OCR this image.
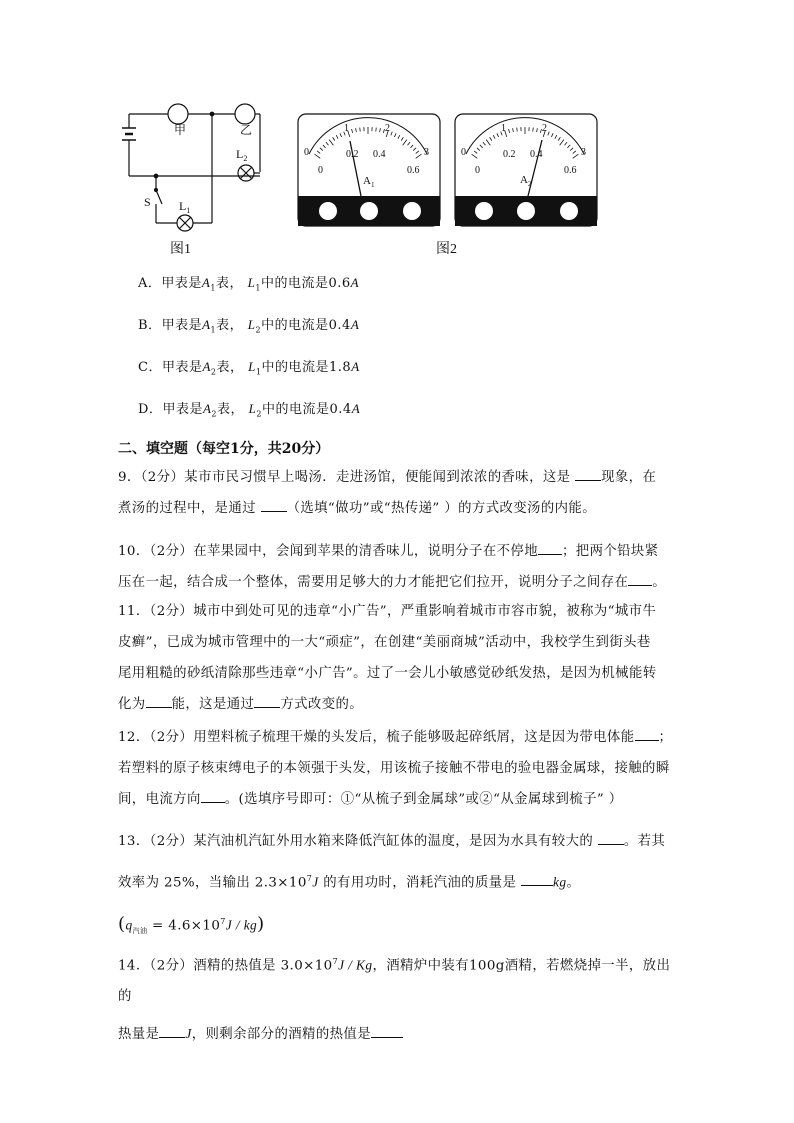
甲	乙
$L_2$
$L_1$
S
0
1	2
3
0
0.2 0.4
0.6
$A_1$
0
1	2
3
0
0.2 0.4
0.6
$A_2$
图1	图2
A．甲表是$A_1$表， $L_1$中的电流是0.6A
B．甲表是$A_1$表， $L_2$中的电流是0.4A
C．甲表是$A_2$表， $L_1$中的电流是1.8A
D．甲表是$A_2$表， $L_2$中的电流是0.4A
二、填空题（每空1分，共20分）
9．（2分）某市市民习惯早上喝汤．走进汤馆，便能闻到浓浓的香味，这是 现象，在
煮汤的过程中，是通过 （选填“做功”或“热传递” ）的方式改变汤的内能。
10．（2分）在苹果园中，会闻到苹果的清香味儿，说明分子在不停地 ；把两个铅块紧
压在一起，结合成一个整体，需要用足够大的力才能把它们拉开，说明分子之间存在 。
11．（2分）城市中到处可见的违章“小广告”，严重影响着城市市容市貌，被称为“城市牛
皮癣”，已成为城市管理中的一大“顽症”，在创建“美丽商城”活动中，我校学生到街头巷
尾用粗糙的砂纸清除那些违章“小广告”。过了一会儿小敏感觉砂纸发热，是因为机械能转
化为 能，这是通过 方式改变的。
12．（2分）用塑料梳子梳理干燥的头发后，梳子能够吸起碎纸屑，这是因为带电体能 ；
若塑料的原子核束缚电子的本领强于头发，用该梳子接触不带电的验电器金属球，接触的瞬
间，电流方向 。(选填序号即可：①“从梳子到金属球”或②“从金属球到梳子” ）
13．（2分）某汽油机汽缸外用水箱来降低汽缸体的温度，是因为水具有较大的 。若其
效率为 25%，当输出 $2.3\times 10^7J$ 的有用功时，消耗汽油的质量是 kg。
$(q_{汽油} = 4.6\times 10^7J / kg)$
14．（2分）酒精的热值是 $3.0\times 10^7J / Kg$，酒精炉中装有100g酒精，若燃烧掉一半，放出的
热量是 J，则剩余部分的酒精的热值是
